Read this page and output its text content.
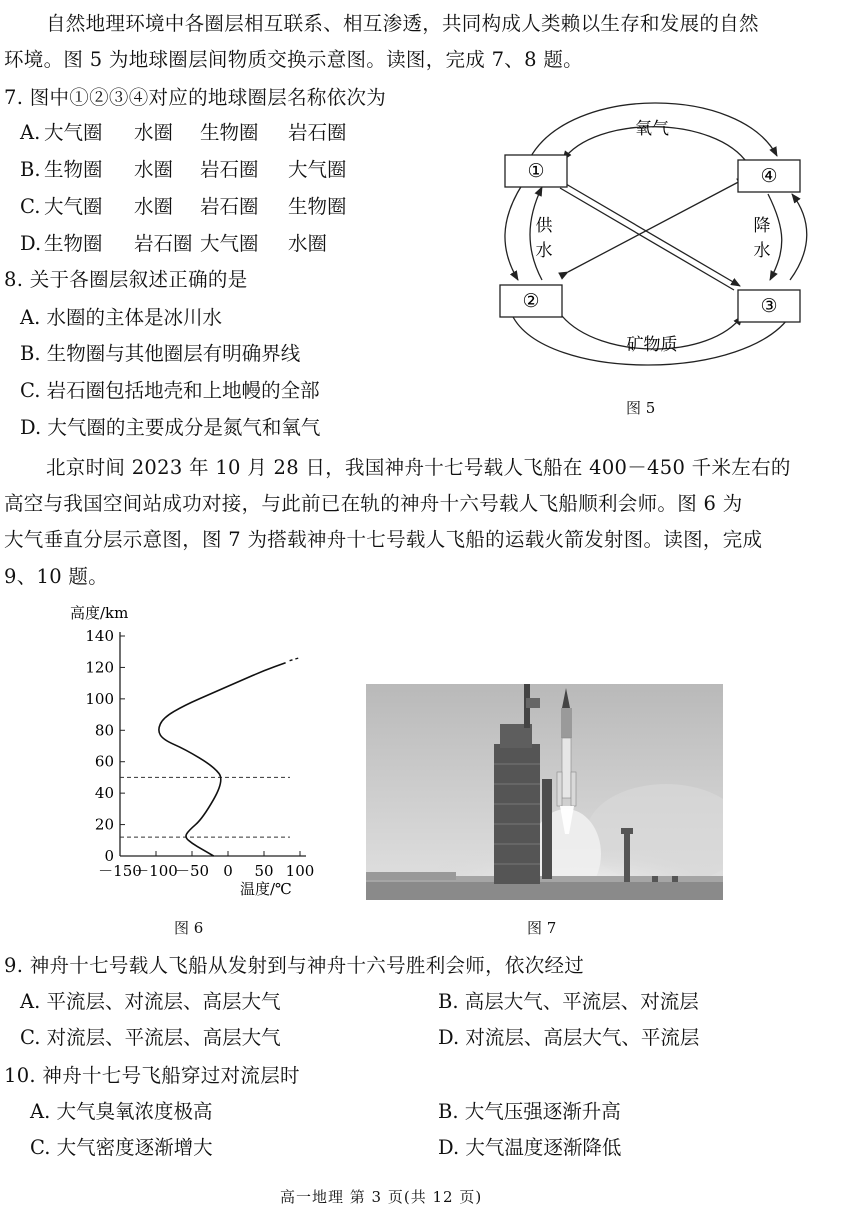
自然地理环境中各圈层相互联系、相互渗透，共同构成人类赖以生存和发展的自然
环境。图 5 为地球圈层间物质交换示意图。读图，完成 7、8 题。
7. 图中①②③④对应的地球圈层名称依次为
A. 大气圈 水圈 生物圈 岩石圈
B. 生物圈 水圈 岩石圈 大气圈
C. 大气圈 水圈 岩石圈 生物圈
D. 生物圈 岩石圈 大气圈 水圈
8. 关于各圈层叙述正确的是
A. 水圈的主体是冰川水
B. 生物圈与其他圈层有明确界线
C. 岩石圈包括地壳和上地幔的全部
D. 大气圈的主要成分是氮气和氧气
①
②	③
④
氧气
矿物质
供
水
降
水
图 5
北京时间 2023 年 10 月 28 日，我国神舟十七号载人飞船在 400－450 千米左右的
高空与我国空间站成功对接，与此前已在轨的神舟十六号载人飞船顺利会师。图 6 为
大气垂直分层示意图，图 7 为搭载神舟十七号载人飞船的运载火箭发射图。读图，完成
9、10 题。
140
120
100
80
60
40
20
0
－150
－100
－50 0 50 100
高度/km
温度/℃
图 6	图 7
9. 神舟十七号载人飞船从发射到与神舟十六号胜利会师，依次经过
A. 平流层、对流层、高层大气	B. 高层大气、平流层、对流层
C. 对流层、平流层、高层大气	D. 对流层、高层大气、平流层
10. 神舟十七号飞船穿过对流层时
A. 大气臭氧浓度极高	B. 大气压强逐渐升高
C. 大气密度逐渐增大	D. 大气温度逐渐降低
高一地理 第 3 页(共 12 页)
